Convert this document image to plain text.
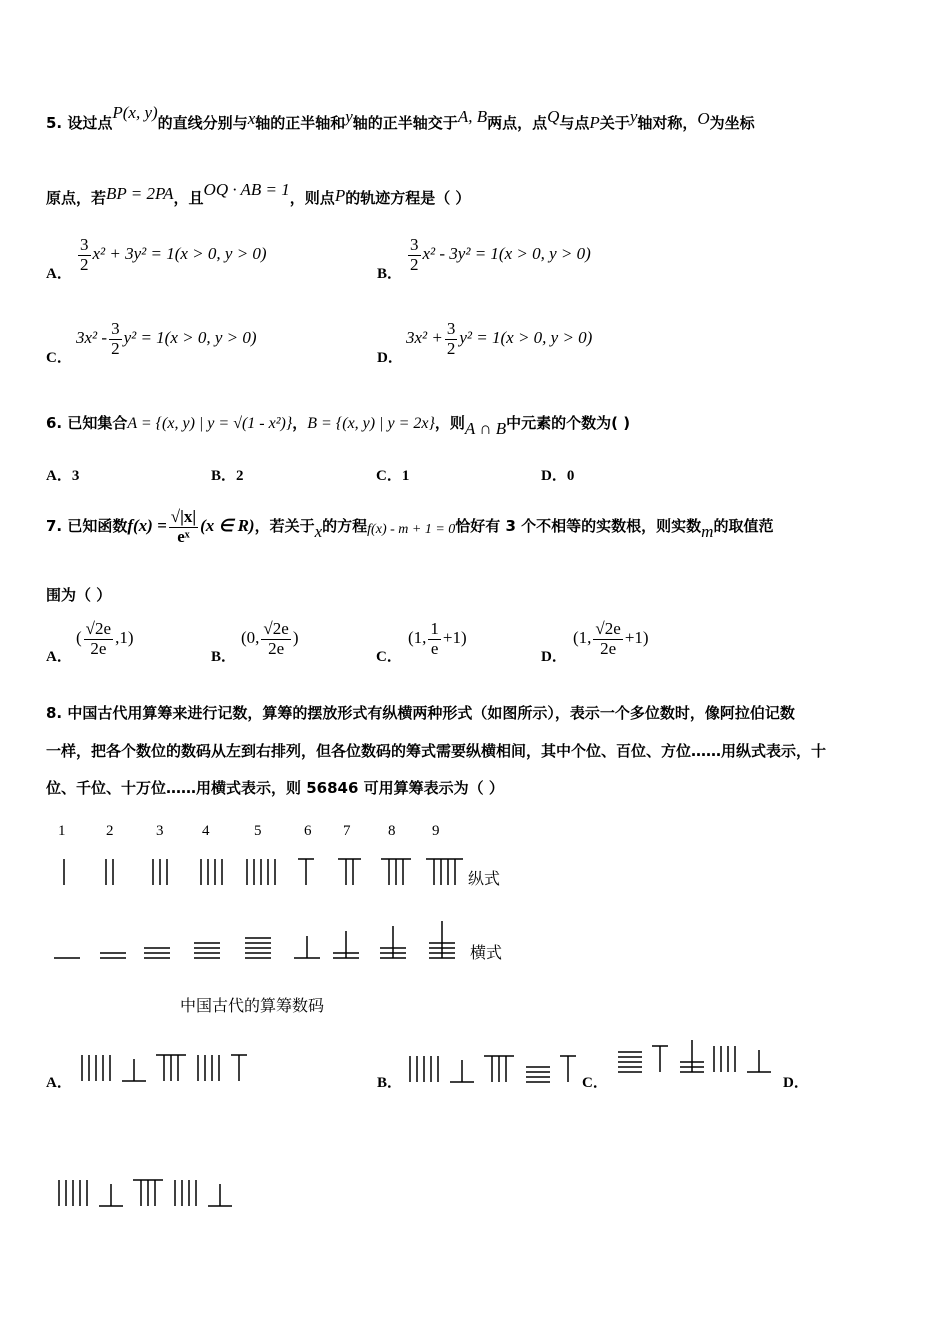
5. 设过点P(x, y)的直线分别与x轴的正半轴和y轴的正半轴交于A, B两点，点Q与点P关于y轴对称，O为坐标
原点，若BP = 2PA，且OQ · AB = 1，则点P的轨迹方程是（ ）
A． $\frac{3}{2} x^2 + 3y^2 = 1(x > 0$, y > 0)
B． $\frac{3}{2} x^2 - 3y^2 = 1(x > 0$, y > 0)
C．
$3x^2 - \frac{3}{2} y^2 = 1(x > 0$, y > 0)
D．
$3x^2 + \frac{3}{2} y^2 = 1(x > 0$, y > 0)
6. 已知集合A = {(x, y) | y = √(1 - x²)}，B = {(x, y) | y = 2x}，则A ∩ B中元素的个数为( )
A．3	B．2	C．1	D．0
7. 已知函数$f(x) = \frac{√|x|}{\text{eˣ}} (x$ ∈ R)，若关于x的方程f(x) - m + 1 = 0恰好有 3 个不相等的实数根，则实数m的取值范
围为（ ）
A．
( $\frac{√2e}{2e} ,1$)
B．
(0, $\frac{√2e}{2e}$ )
C．
(1, $\frac{1}{e} +1$)
D．
(1, $\frac{√2e}{2e} +1$)
8. 中国古代用算筹来进行记数，算筹的摆放形式有纵横两种形式（如图所示），表示一个多位数时，像阿拉伯记数
一样，把各个数位的数码从左到右排列，但各位数码的筹式需要纵横相间，其中个位、百位、方位……用纵式表示，十
位、千位、十万位……用横式表示，则 56846 可用算筹表示为（ ）
1	2	3	4	5	6 7	8 9
纵式
横式
中国古代的算筹数码
A．	B．	C．	D．
